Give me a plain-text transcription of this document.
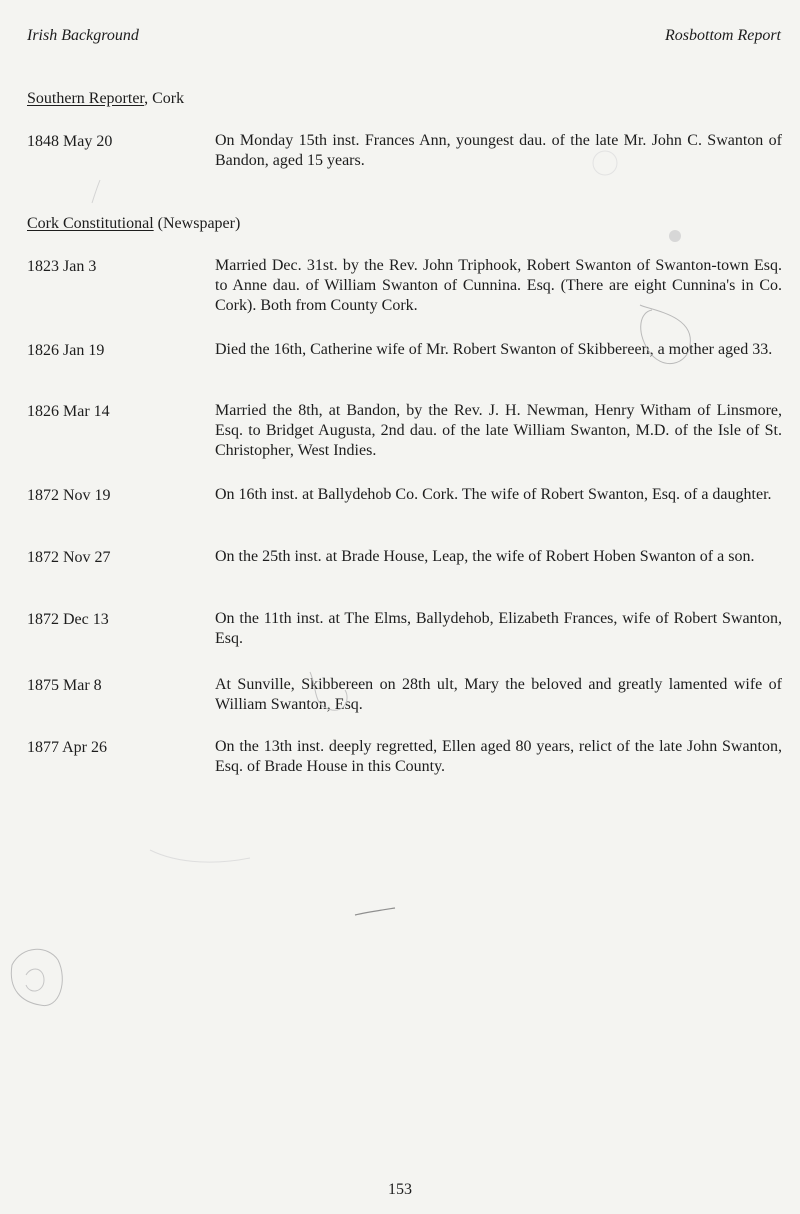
Irish Background	Rosbottom Report
Southern Reporter, Cork
1848 May 20	On Monday 15th inst. Frances Ann, youngest dau. of the late Mr. John C. Swanton of Bandon, aged 15 years.
Cork Constitutional (Newspaper)
1823 Jan 3	Married Dec. 31st. by the Rev. John Triphook, Robert Swanton of Swanton-town Esq. to Anne dau. of William Swanton of Cunnina. Esq. (There are eight Cunnina's in Co. Cork). Both from County Cork.
1826 Jan 19	Died the 16th, Catherine wife of Mr. Robert Swanton of Skibbereen, a mother aged 33.
1826 Mar 14	Married the 8th, at Bandon, by the Rev. J. H. Newman, Henry Witham of Linsmore, Esq. to Bridget Augusta, 2nd dau. of the late William Swanton, M.D. of the Isle of St. Christopher, West Indies.
1872 Nov 19	On 16th inst. at Ballydehob Co. Cork. The wife of Robert Swanton, Esq. of a daughter.
1872 Nov 27	On the 25th inst. at Brade House, Leap, the wife of Robert Hoben Swanton of a son.
1872 Dec 13	On the 11th inst. at The Elms, Ballydehob, Elizabeth Frances, wife of Robert Swanton, Esq.
1875 Mar 8	At Sunville, Skibbereen on 28th ult, Mary the beloved and greatly lamented wife of William Swanton, Esq.
1877 Apr 26	On the 13th inst. deeply regretted, Ellen aged 80 years, relict of the late John Swanton, Esq. of Brade House in this County.
153
